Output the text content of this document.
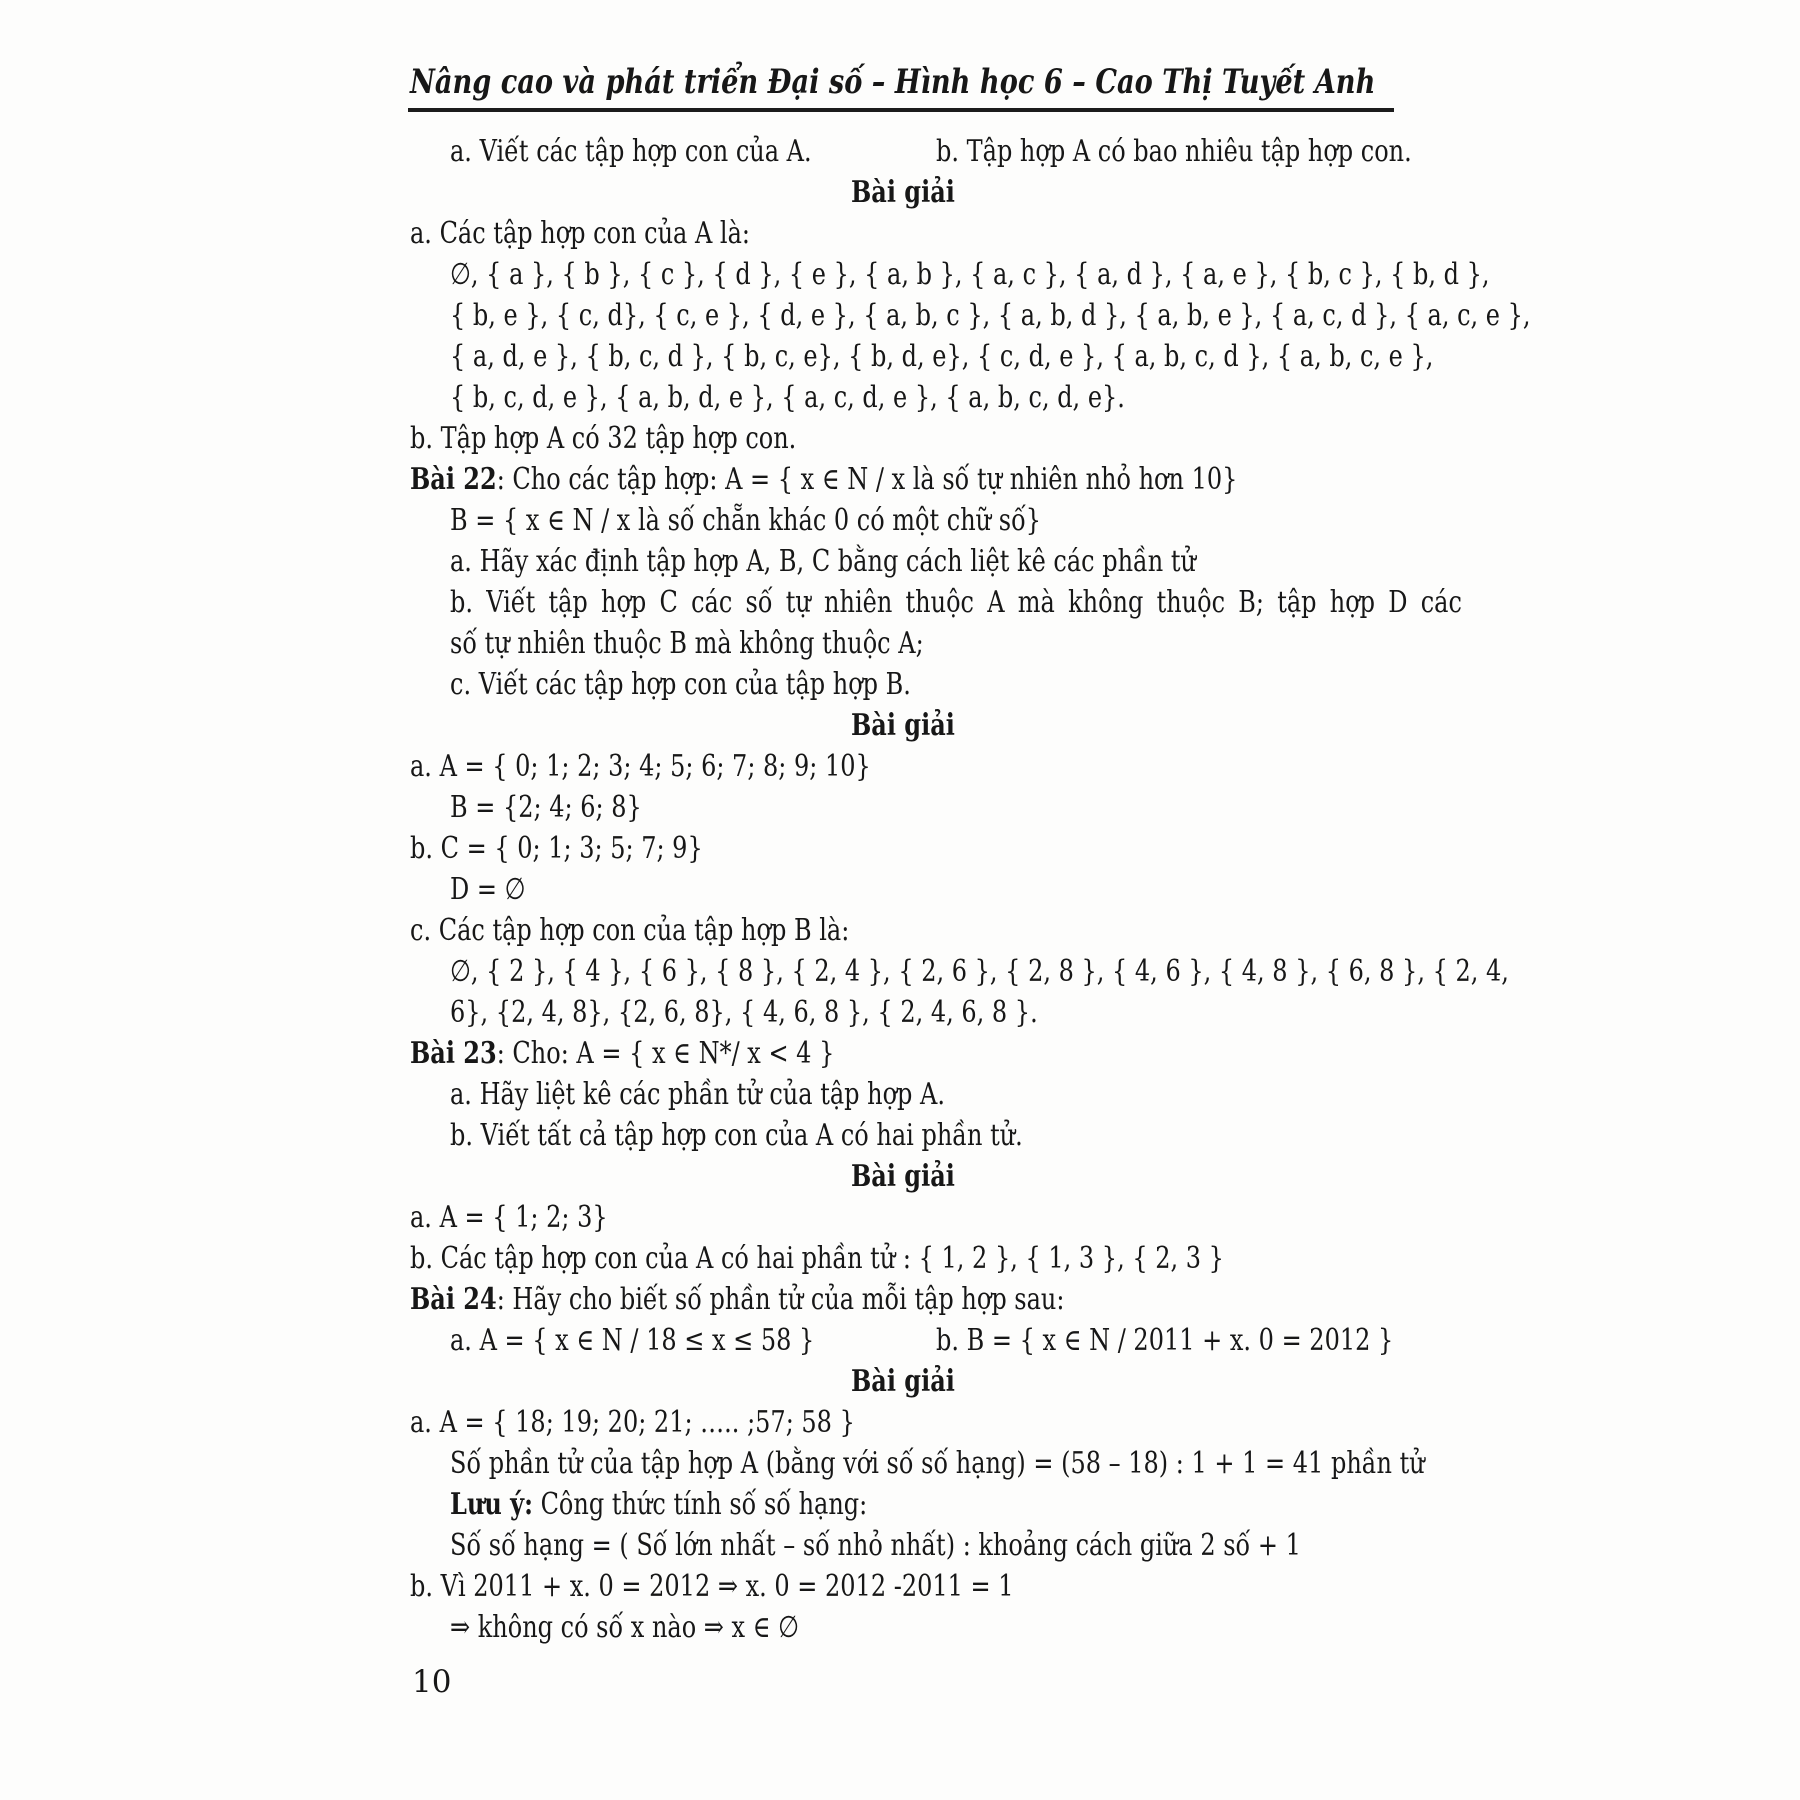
Nâng cao và phát triển Đại số – Hình học 6 – Cao Thị Tuyết Anh
a. Viết các tập hợp con của A.	b. Tập hợp A có bao nhiêu tập hợp con.
Bài giải
a. Các tập hợp con của A là:
∅, { a }, { b }, { c }, { d }, { e }, { a, b }, { a, c }, { a, d }, { a, e }, { b, c }, { b, d },
{ b, e }, { c, d}, { c, e }, { d, e }, { a, b, c }, { a, b, d }, { a, b, e }, { a, c, d }, { a, c, e },
{ a, d, e }, { b, c, d }, { b, c, e}, { b, d, e}, { c, d, e }, { a, b, c, d }, { a, b, c, e },
{ b, c, d, e }, { a, b, d, e }, { a, c, d, e }, { a, b, c, d, e}.
b. Tập hợp A có 32 tập hợp con.
Bài 22: Cho các tập hợp: A = { x ∈ N / x là số tự nhiên nhỏ hơn 10}
B = { x ∈ N / x là số chẵn khác 0 có một chữ số}
a. Hãy xác định tập hợp A, B, C bằng cách liệt kê các phần tử
b. Viết tập hợp C các số tự nhiên thuộc A mà không thuộc B; tập hợp D các
số tự nhiên thuộc B mà không thuộc A;
c. Viết các tập hợp con của tập hợp B.
Bài giải
a. A = { 0; 1; 2; 3; 4; 5; 6; 7; 8; 9; 10}
B = {2; 4; 6; 8}
b. C = { 0; 1; 3; 5; 7; 9}
D = ∅
c. Các tập hợp con của tập hợp B là:
∅, { 2 }, { 4 }, { 6 }, { 8 }, { 2, 4 }, { 2, 6 }, { 2, 8 }, { 4, 6 }, { 4, 8 }, { 6, 8 }, { 2, 4,
6}, {2, 4, 8}, {2, 6, 8}, { 4, 6, 8 }, { 2, 4, 6, 8 }.
Bài 23: Cho: A = { x ∈ N*/ x < 4 }
a. Hãy liệt kê các phần tử của tập hợp A.
b. Viết tất cả tập hợp con của A có hai phần tử.
Bài giải
a. A = { 1; 2; 3}
b. Các tập hợp con của A có hai phần tử : { 1, 2 }, { 1, 3 }, { 2, 3 }
Bài 24: Hãy cho biết số phần tử của mỗi tập hợp sau:
a. A = { x ∈ N / 18 ≤ x ≤ 58 }	b. B = { x ∈ N / 2011 + x. 0 = 2012 }
Bài giải
a. A = { 18; 19; 20; 21; ….. ;57; 58 }
Số phần tử của tập hợp A (bằng với số số hạng) = (58 – 18) : 1 + 1 = 41 phần tử
Lưu ý: Công thức tính số số hạng:
Số số hạng = ( Số lớn nhất – số nhỏ nhất) : khoảng cách giữa 2 số + 1
b. Vì 2011 + x. 0 = 2012 ⇒ x. 0 = 2012 -2011 = 1
⇒ không có số x nào ⇒ x ∈ ∅
10
